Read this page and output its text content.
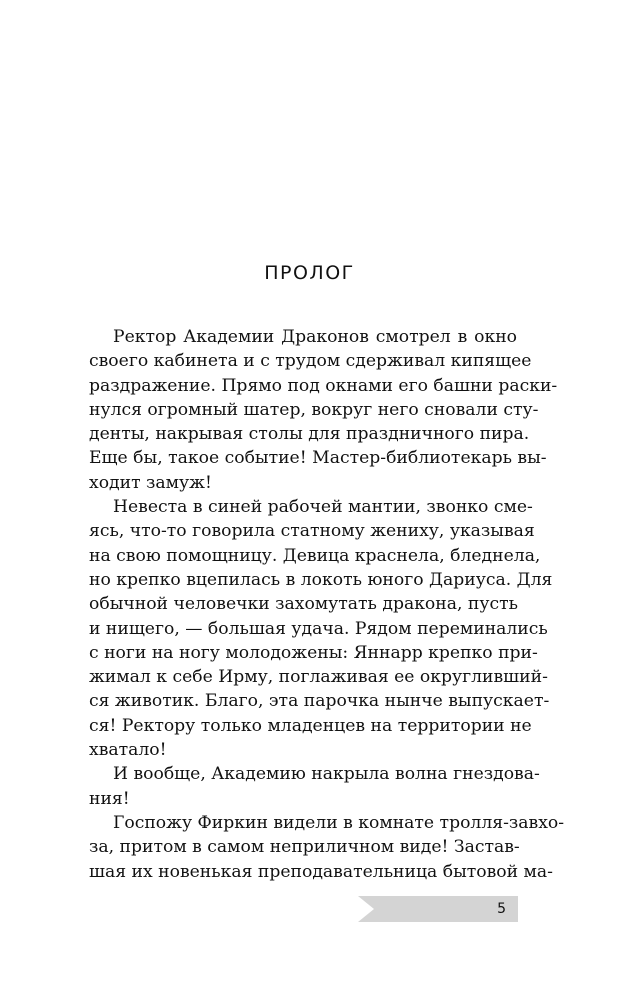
ПРОЛОГ
Ректор Академии Драконов смотрел в окно
своего кабинета и с трудом сдерживал кипящее
раздражение. Прямо под окнами его башни раски-
нулся огромный шатер, вокруг него сновали сту-
денты, накрывая столы для праздничного пира.
Еще бы, такое событие! Мастер-библиотекарь вы-
ходит замуж!
Невеста в синей рабочей мантии, звонко сме-
ясь, что-то говорила статному жениху, указывая
на свою помощницу. Девица краснела, бледнела,
но крепко вцепилась в локоть юного Дариуса. Для
обычной человечки захомутать дракона, пусть
и нищего, — большая удача. Рядом переминались
с ноги на ногу молодожены: Яннарр крепко при-
жимал к себе Ирму, поглаживая ее округливший-
ся животик. Благо, эта парочка нынче выпускает-
ся! Ректору только младенцев на территории не
хватало!
И вообще, Академию накрыла волна гнездова-
ния!
Госпожу Фиркин видели в комнате тролля-завхо-
за, притом в самом неприличном виде! Застав-
шая их новенькая преподавательница бытовой ма-
5
